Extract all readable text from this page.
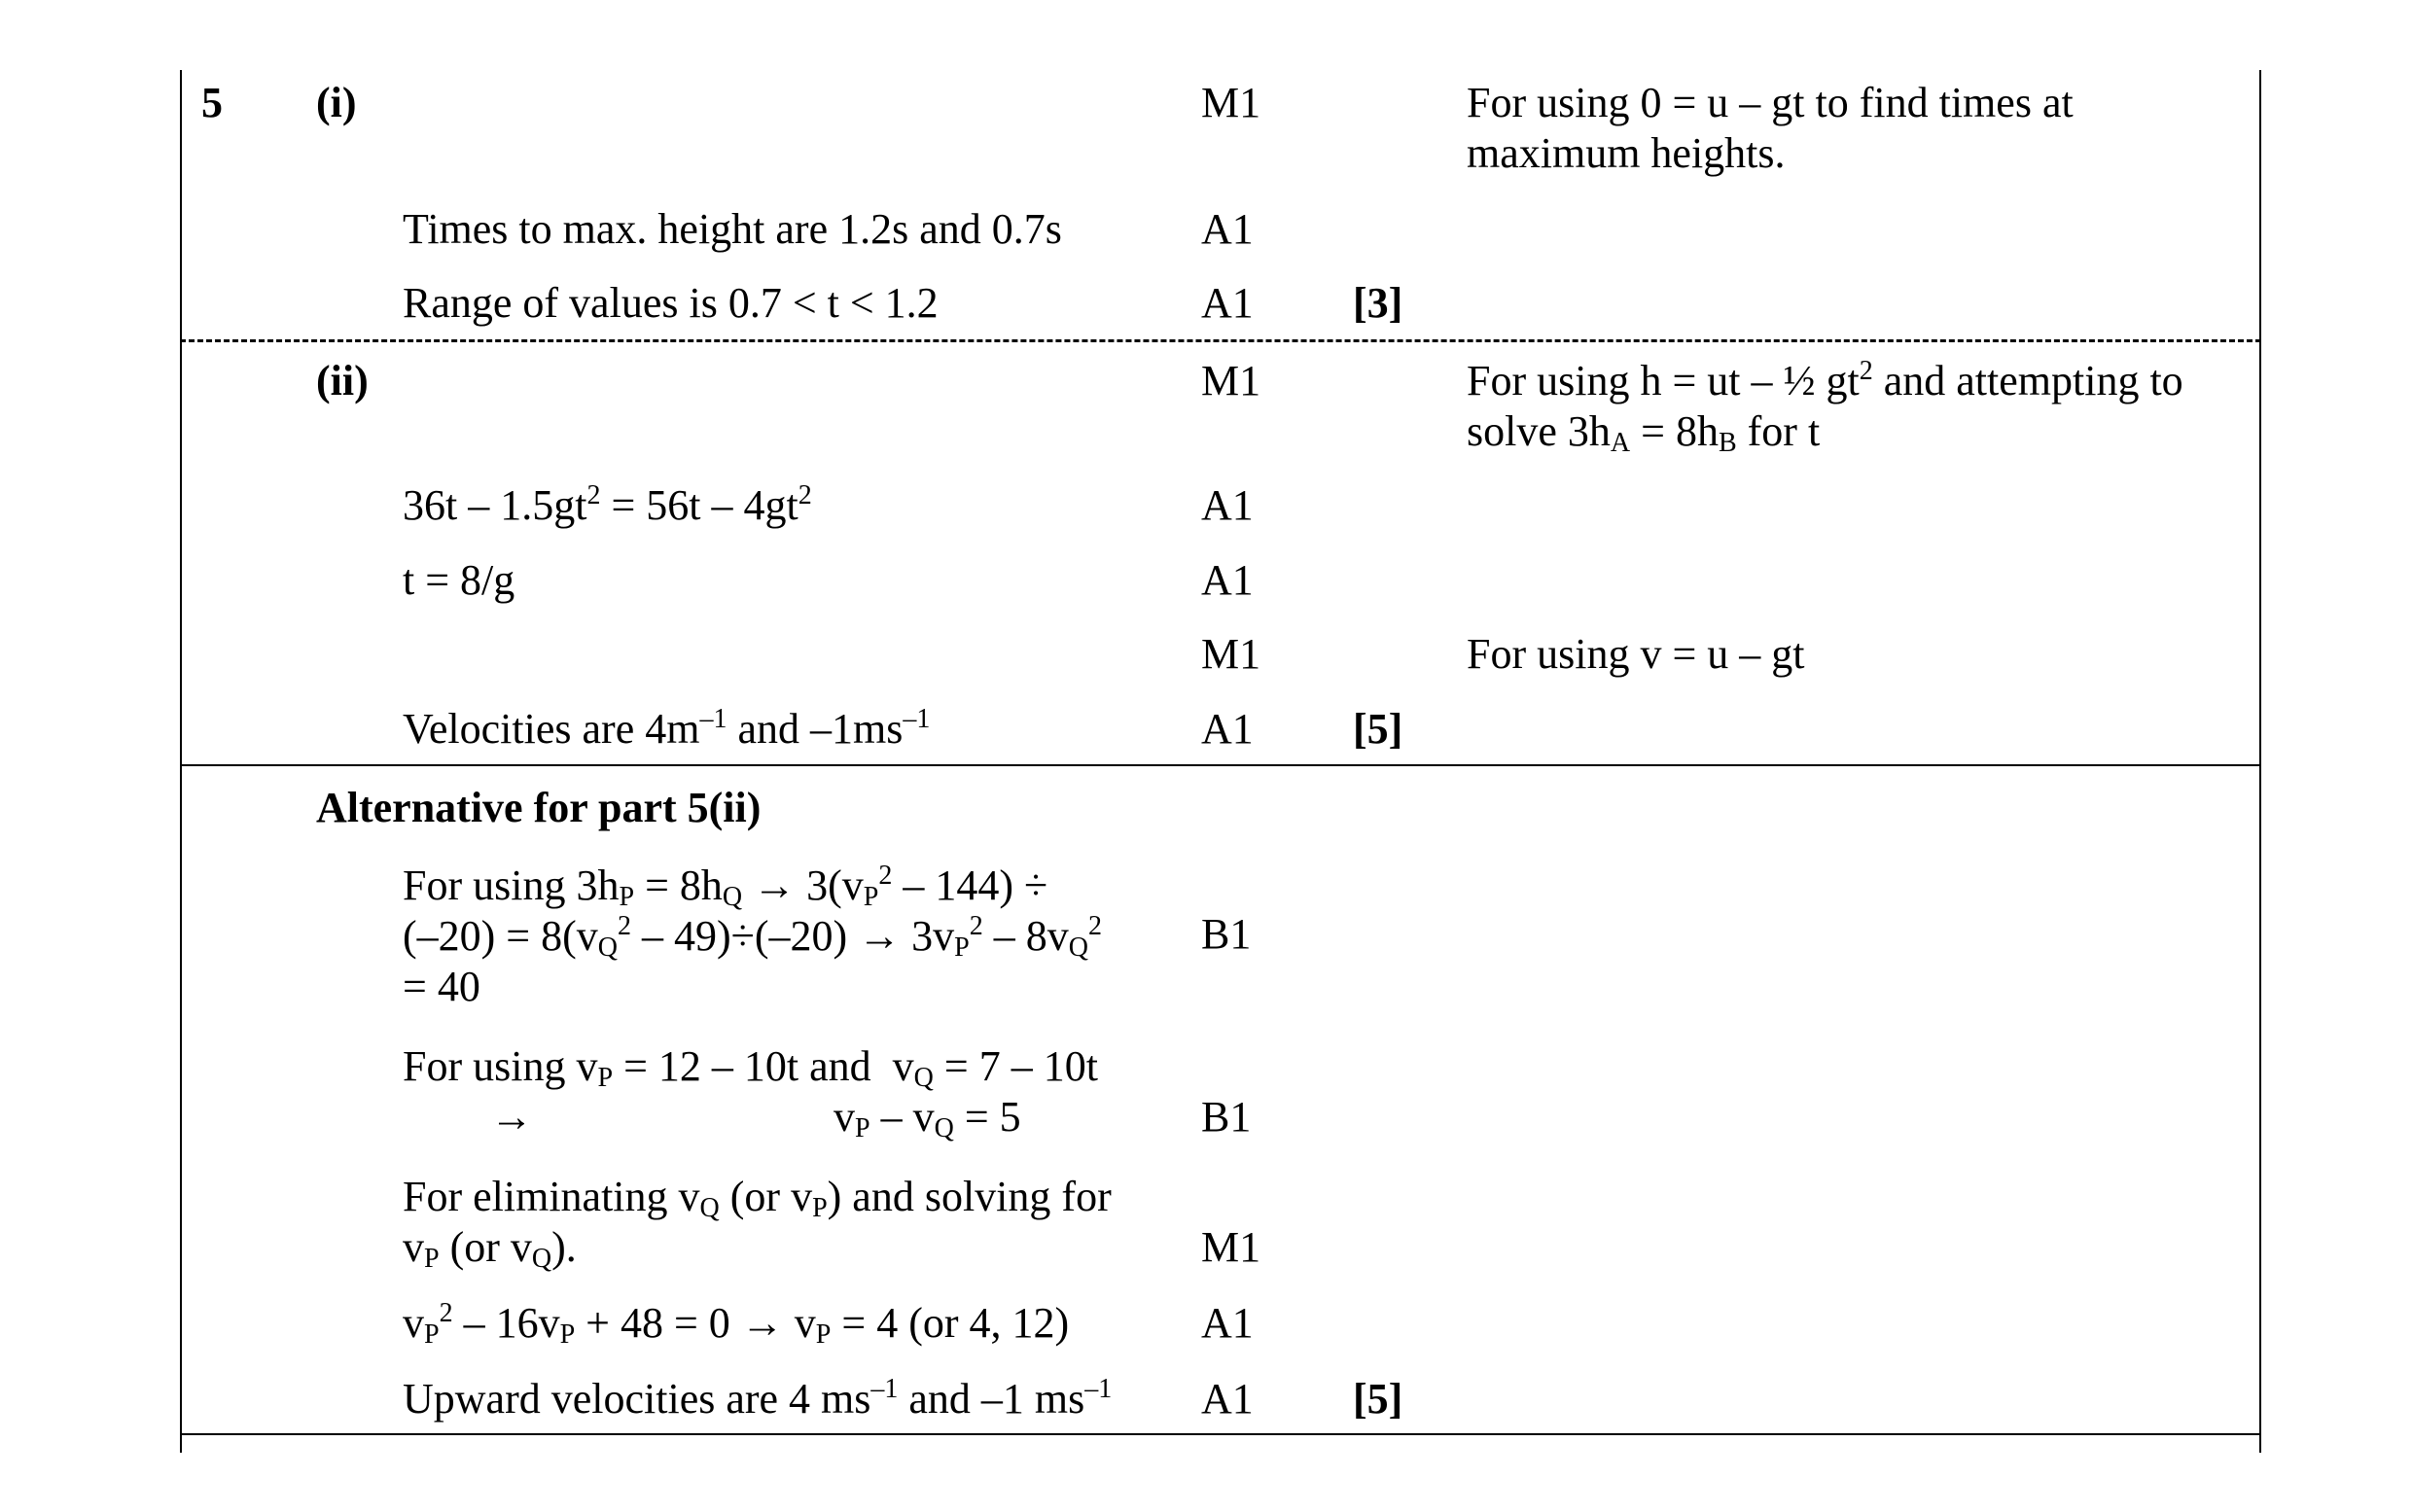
5 (i)	M1	For using 0 = u – gt to find times at
maximum heights.
Times to max. height are 1.2s and 0.7s	A1
Range of values is 0.7 < t < 1.2	A1 [3]
(ii)	M1	For using h = ut – ½ $gt^2$ and attempting to
solve $3h_A = 8h_B$ for t
$36t - 1.5gt^2 = 56t - 4gt^2$	A1
t = 8/g	A1
M1	For using v = u – gt
Velocities are $4m^{-1}$ and $-1ms^{-1}$	A1 [5]
Alternative for part 5(ii)
For using $3h_P = 8h_Q \to 3(v_P^2 - 144)$ ÷
$(-20) = 8(v_Q^2 - 49)\div(-20) \to 3v_P^2 - 8v_Q^2$
= 40
B1
For using $v_P = 12 - 10t$ and  $v_Q = 7 - 10t$
→	$v_P - v_Q = 5$	B1
For eliminating $v_Q$ (or $v_P$) and solving for
$v_P$ (or $v_Q$).	M1
$v_P^2 - 16v_P + 48 = 0 \to v_P = 4$ (or 4, 12)	A1
Upward velocities are 4 $ms^{-1}$ and –1 $ms^{-1}$ A1 [5]
